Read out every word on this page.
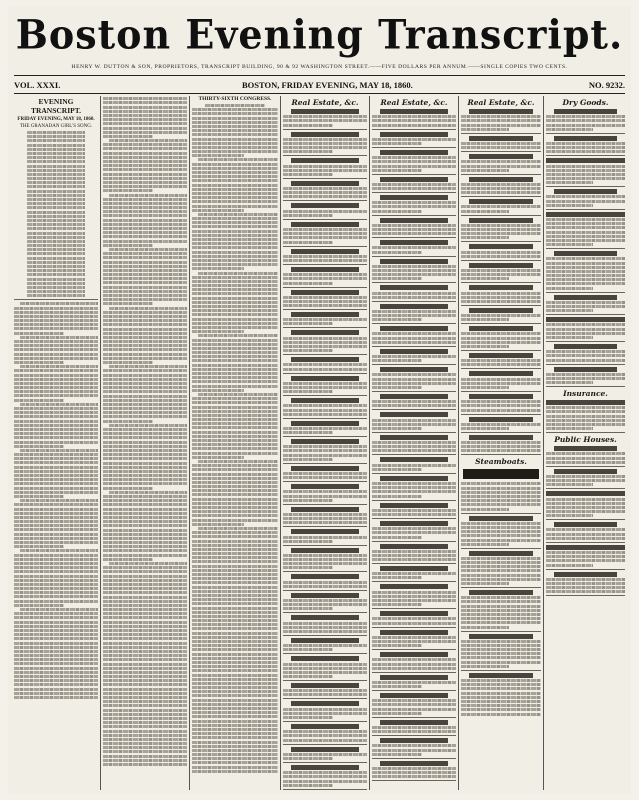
Boston Evening Transcript.
HENRY W. DUTTON & SON, PROPRIETORS, TRANSCRIPT BUILDING, 90 & 92 WASHINGTON STREET.——FIVE DOLLARS PER ANNUM.——SINGLE COPIES TWO CENTS.
VOL. XXXI.	BOSTON, FRIDAY EVENING, MAY 18, 1860.	NO. 9232.
EVENING TRANSCRIPT.
FRIDAY EVENING, MAY 18, 1860.
THE GRANADAN GIRL'S SONG.
THIRTY-SIXTH CONGRESS.	Real Estate, &c.	Real Estate, &c.	Real Estate, &c.
Steamboats.
Dry Goods.
Insurance.
Public Houses.
